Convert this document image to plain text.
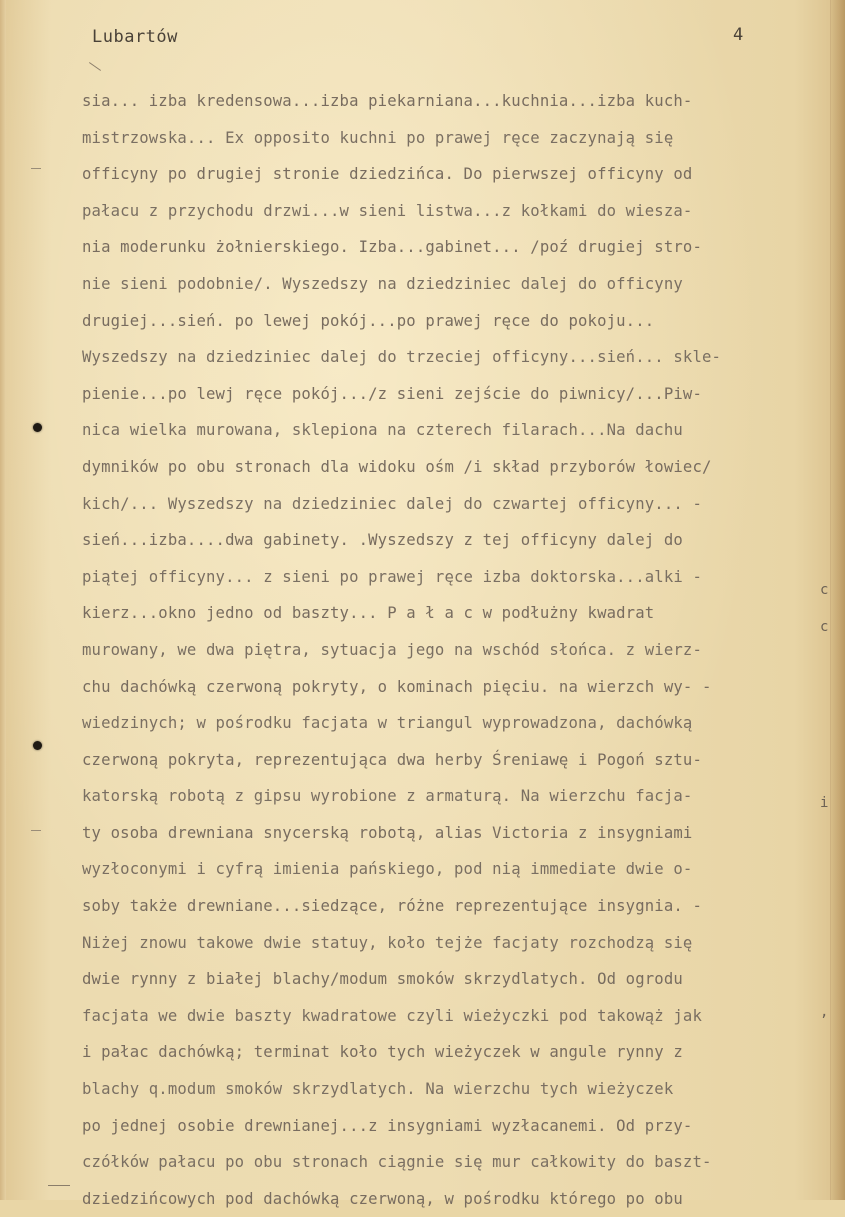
Lubartów	4
sia... izba kredensowa...izba piekarniana...kuchnia...izba kuch-
mistrzowska... Ex opposito kuchni po prawej ręce zaczynają się
officyny po drugiej stronie dziedzińca. Do pierwszej officyny od
pałacu z przychodu drzwi...w sieni listwa...z kołkami do wiesza-
nia moderunku żołnierskiego. Izba...gabinet... /poź drugiej stro-
nie sieni podobnie/. Wyszedszy na dziedziniec dalej do officyny
drugiej...sień. po lewej pokój...po prawej ręce do pokoju...
Wyszedszy na dziedziniec dalej do trzeciej officyny...sień... skle-
pienie...po lewj ręce pokój.../z sieni zejście do piwnicy/...Piw-
nica wielka murowana, sklepiona na czterech filarach...Na dachu
dymników po obu stronach dla widoku ośm /i skład przyborów łowiec/
kich/... Wyszedszy na dziedziniec dalej do czwartej officyny... -
sień...izba....dwa gabinety. .Wyszedszy z tej officyny dalej do
piątej officyny... z sieni po prawej ręce izba doktorska...alki -
kierz...okno jedno od baszty... P a ł a c w podłużny kwadrat
murowany, we dwa piętra, sytuacja jego na wschód słońca. z wierz-
chu dachówką czerwoną pokryty, o kominach pięciu. na wierzch wy- -
wiedzinych; w pośrodku facjata w triangul wyprowadzona, dachówką
czerwoną pokryta, reprezentująca dwa herby Śreniawę i Pogoń sztu-
katorską robotą z gipsu wyrobione z armaturą. Na wierzchu facja-
ty osoba drewniana snycerską robotą, alias Victoria z insygniami
wyzłoconymi i cyfrą imienia pańskiego, pod nią immediate dwie o-
soby także drewniane...siedzące, różne reprezentujące insygnia. -
Niżej znowu takowe dwie statuy, koło tejże facjaty rozchodzą się
dwie rynny z białej blachy/modum smoków skrzydlatych. Od ogrodu
facjata we dwie baszty kwadratowe czyli wieżyczki pod takowąż jak
i pałac dachówką; terminat koło tych wieżyczek w angule rynny z
blachy q.modum smoków skrzydlatych. Na wierzchu tych wieżyczek
po jednej osobie drewnianej...z insygniami wyzłacanemi. Od przy-
czółków pałacu po obu stronach ciągnie się mur całkowity do baszt-
dziedzińcowych pod dachówką czerwoną, w pośrodku którego po obu
c
c
i
,
